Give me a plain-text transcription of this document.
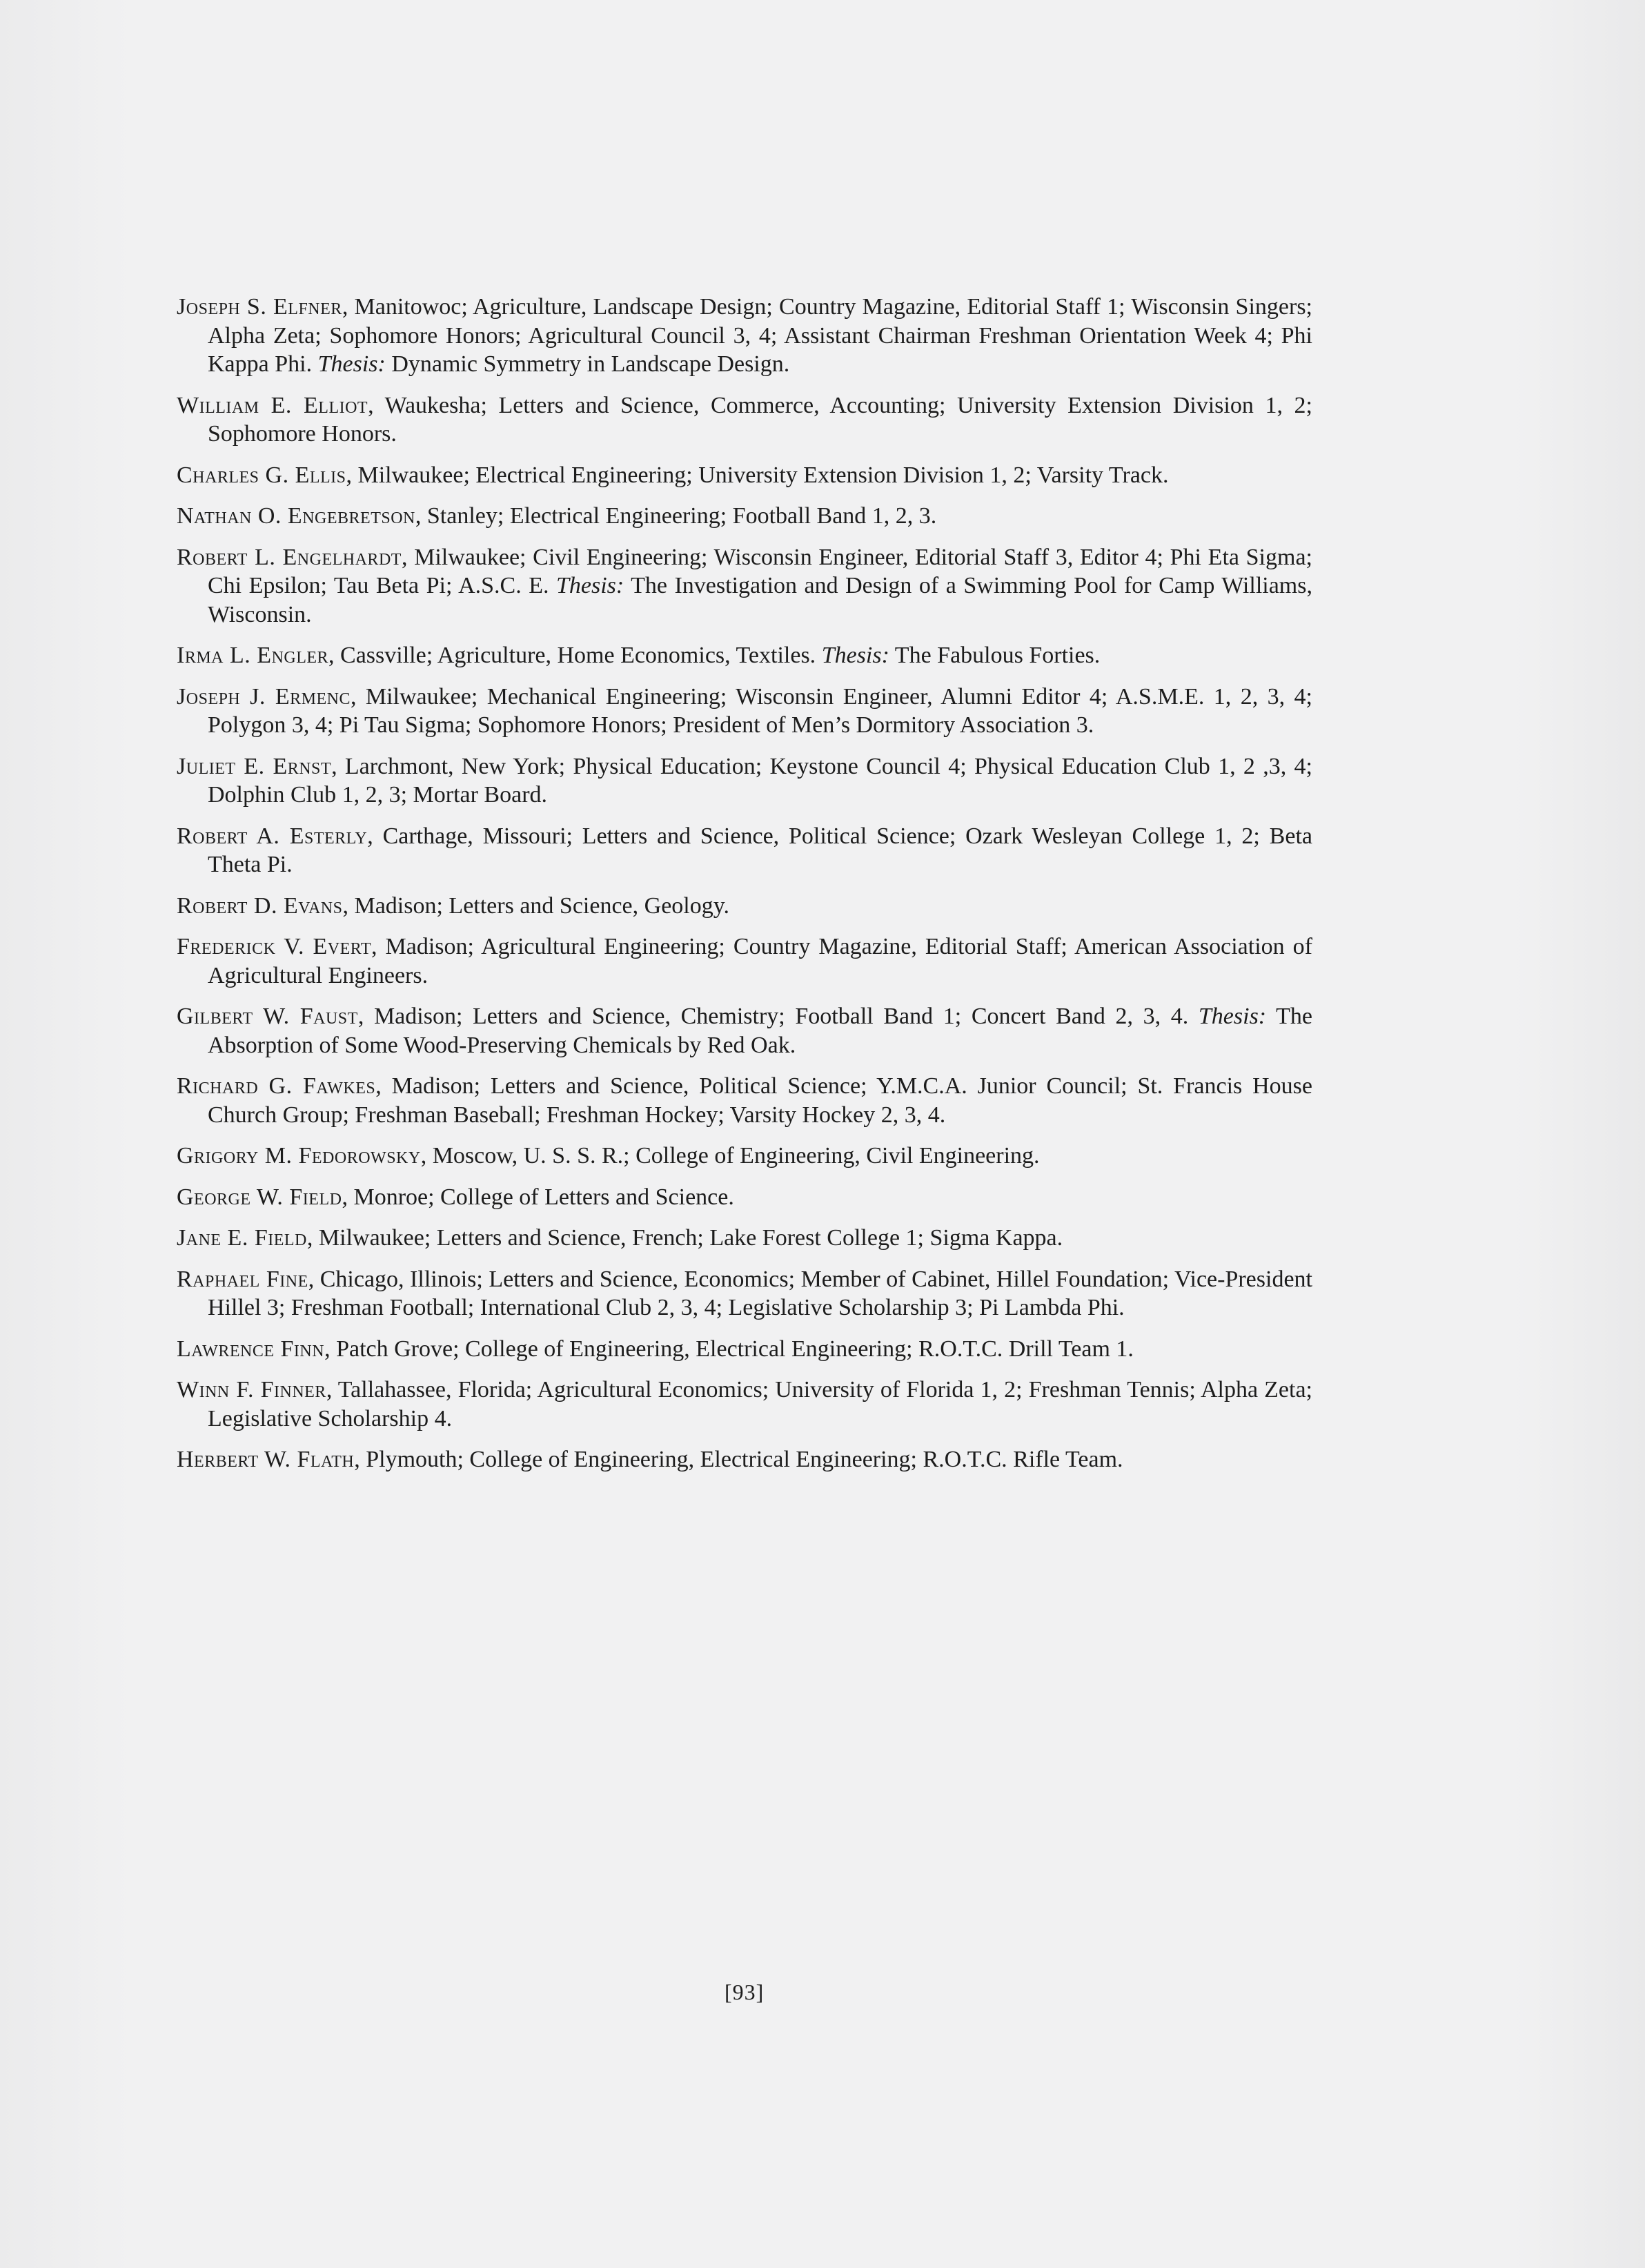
Joseph S. Elfner, Manitowoc; Agriculture, Landscape Design; Country Magazine, Editorial Staff 1; Wisconsin Singers; Alpha Zeta; Sophomore Honors; Agricultural Council 3, 4; Assistant Chairman Freshman Orientation Week 4; Phi Kappa Phi. Thesis: Dynamic Symmetry in Landscape Design.

William E. Elliot, Waukesha; Letters and Science, Commerce, Accounting; University Extension Division 1, 2; Sophomore Honors.

Charles G. Ellis, Milwaukee; Electrical Engineering; University Extension Division 1, 2; Varsity Track.

Nathan O. Engebretson, Stanley; Electrical Engineering; Football Band 1, 2, 3.

Robert L. Engelhardt, Milwaukee; Civil Engineering; Wisconsin Engineer, Editorial Staff 3, Editor 4; Phi Eta Sigma; Chi Epsilon; Tau Beta Pi; A.S.C. E. Thesis: The Investigation and Design of a Swimming Pool for Camp Williams, Wisconsin.

Irma L. Engler, Cassville; Agriculture, Home Economics, Textiles. Thesis: The Fabulous Forties.

Joseph J. Ermenc, Milwaukee; Mechanical Engineering; Wisconsin Engineer, Alumni Editor 4; A.S.M.E. 1, 2, 3, 4; Polygon 3, 4; Pi Tau Sigma; Sophomore Honors; President of Men’s Dormitory Association 3.

Juliet E. Ernst, Larchmont, New York; Physical Education; Keystone Council 4; Physical Education Club 1, 2 ,3, 4; Dolphin Club 1, 2, 3; Mortar Board.

Robert A. Esterly, Carthage, Missouri; Letters and Science, Political Science; Ozark Wesleyan College 1, 2; Beta Theta Pi.

Robert D. Evans, Madison; Letters and Science, Geology.

Frederick V. Evert, Madison; Agricultural Engineering; Country Magazine, Editorial Staff; American Association of Agricultural Engineers.

Gilbert W. Faust, Madison; Letters and Science, Chemistry; Football Band 1; Concert Band 2, 3, 4. Thesis: The Absorption of Some Wood-Preserving Chemicals by Red Oak.

Richard G. Fawkes, Madison; Letters and Science, Political Science; Y.M.C.A. Junior Council; St. Francis House Church Group; Freshman Baseball; Freshman Hockey; Varsity Hockey 2, 3, 4.

Grigory M. Fedorowsky, Moscow, U. S. S. R.; College of Engineering, Civil Engineering.

George W. Field, Monroe; College of Letters and Science.

Jane E. Field, Milwaukee; Letters and Science, French; Lake Forest College 1; Sigma Kappa.

Raphael Fine, Chicago, Illinois; Letters and Science, Economics; Member of Cabinet, Hillel Foundation; Vice-President Hillel 3; Freshman Football; International Club 2, 3, 4; Legislative Scholarship 3; Pi Lambda Phi.

Lawrence Finn, Patch Grove; College of Engineering, Electrical Engineering; R.O.T.C. Drill Team 1.

Winn F. Finner, Tallahassee, Florida; Agricultural Economics; University of Florida 1, 2; Freshman Tennis; Alpha Zeta; Legislative Scholarship 4.

Herbert W. Flath, Plymouth; College of Engineering, Electrical Engineering; R.O.T.C. Rifle Team.

[93]
